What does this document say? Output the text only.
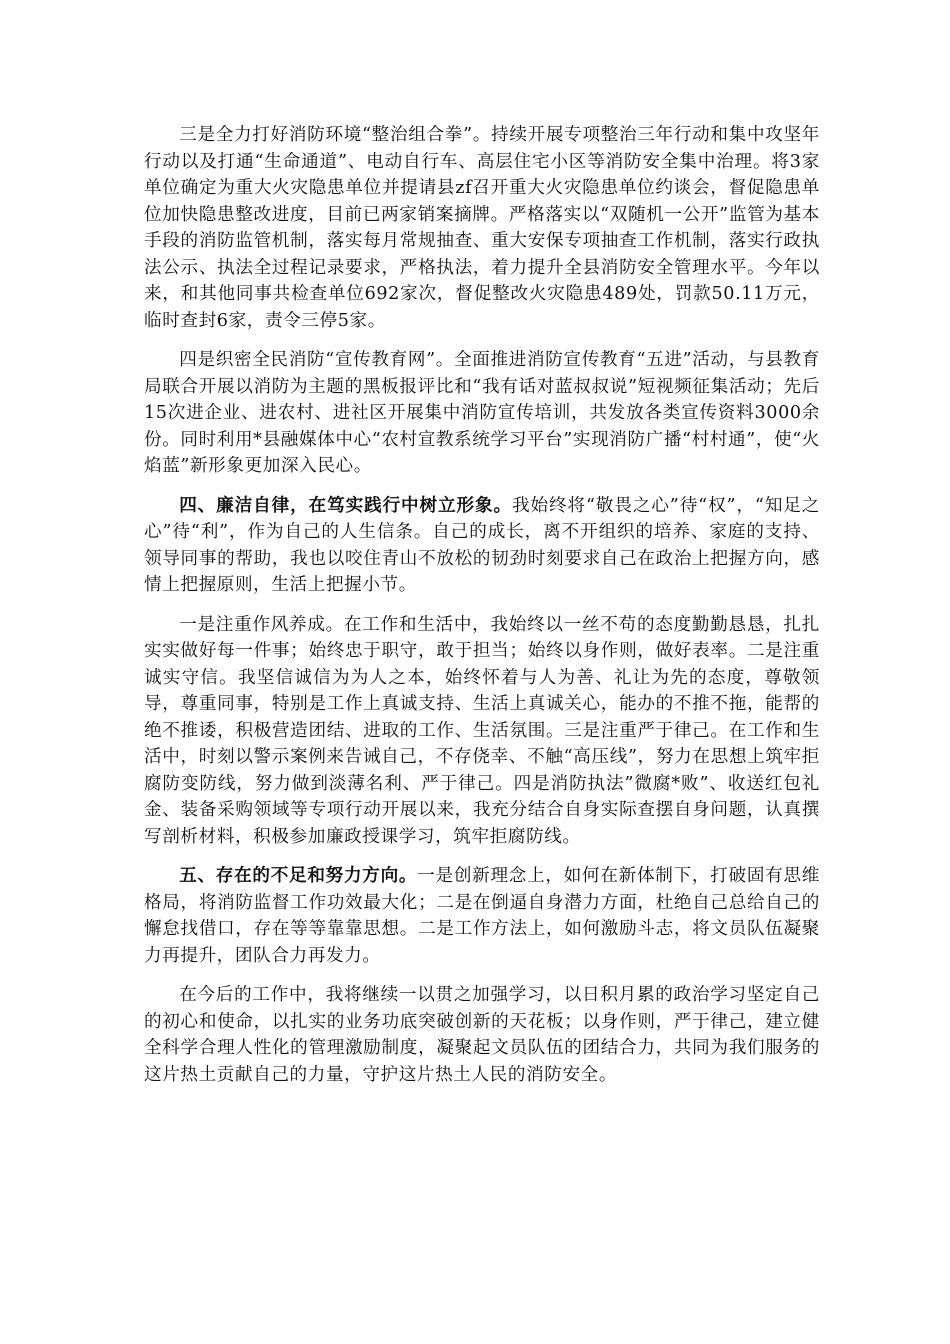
三是全力打好消防环境“整治组合拳”。持续开展专项整治三年行动和集中攻坚年行动以及打通“生命通道”、电动自行车、高层住宅小区等消防安全集中治理。将3家单位确定为重大火灾隐患单位并提请县zf召开重大火灾隐患单位约谈会，督促隐患单位加快隐患整改进度，目前已两家销案摘牌。严格落实以“双随机一公开”监管为基本手段的消防监管机制，落实每月常规抽查、重大安保专项抽查工作机制，落实行政执法公示、执法全过程记录要求，严格执法，着力提升全县消防安全管理水平。今年以来，和其他同事共检查单位692家次，督促整改火灾隐患489处，罚款50.11万元，临时查封6家，责令三停5家。

四是织密全民消防“宣传教育网”。全面推进消防宣传教育“五进”活动，与县教育局联合开展以消防为主题的黑板报评比和“我有话对蓝叔叔说”短视频征集活动；先后15次进企业、进农村、进社区开展集中消防宣传培训，共发放各类宣传资料3000余份。同时利用*县融媒体中心“农村宣教系统学习平台”实现消防广播“村村通”，使“火焰蓝”新形象更加深入民心。

四、廉洁自律，在笃实践行中树立形象。我始终将“敬畏之心”待“权”，“知足之心”待“利”，作为自己的人生信条。自己的成长，离不开组织的培养、家庭的支持、领导同事的帮助，我也以咬住青山不放松的韧劲时刻要求自己在政治上把握方向，感情上把握原则，生活上把握小节。

一是注重作风养成。在工作和生活中，我始终以一丝不苟的态度勤勤恳恳，扎扎实实做好每一件事；始终忠于职守，敢于担当；始终以身作则，做好表率。二是注重诚实守信。我坚信诚信为为人之本，始终怀着与人为善、礼让为先的态度，尊敬领导，尊重同事，特别是工作上真诚支持、生活上真诚关心，能办的不推不拖，能帮的绝不推诿，积极营造团结、进取的工作、生活氛围。三是注重严于律己。在工作和生活中，时刻以警示案例来告诫自己，不存侥幸、不触“高压线”，努力在思想上筑牢拒腐防变防线，努力做到淡薄名利、严于律己。四是消防执法”微腐*败”、收送红包礼金、装备采购领域等专项行动开展以来，我充分结合自身实际查摆自身问题，认真撰写剖析材料，积极参加廉政授课学习，筑牢拒腐防线。

五、存在的不足和努力方向。一是创新理念上，如何在新体制下，打破固有思维格局，将消防监督工作功效最大化；二是在倒逼自身潜力方面，杜绝自己总给自己的懈怠找借口，存在等等靠靠思想。二是工作方法上，如何激励斗志，将文员队伍凝聚力再提升，团队合力再发力。

在今后的工作中，我将继续一以贯之加强学习，以日积月累的政治学习坚定自己的初心和使命，以扎实的业务功底突破创新的天花板；以身作则，严于律己，建立健全科学合理人性化的管理激励制度，凝聚起文员队伍的团结合力，共同为我们服务的这片热土贡献自己的力量，守护这片热土人民的消防安全。
